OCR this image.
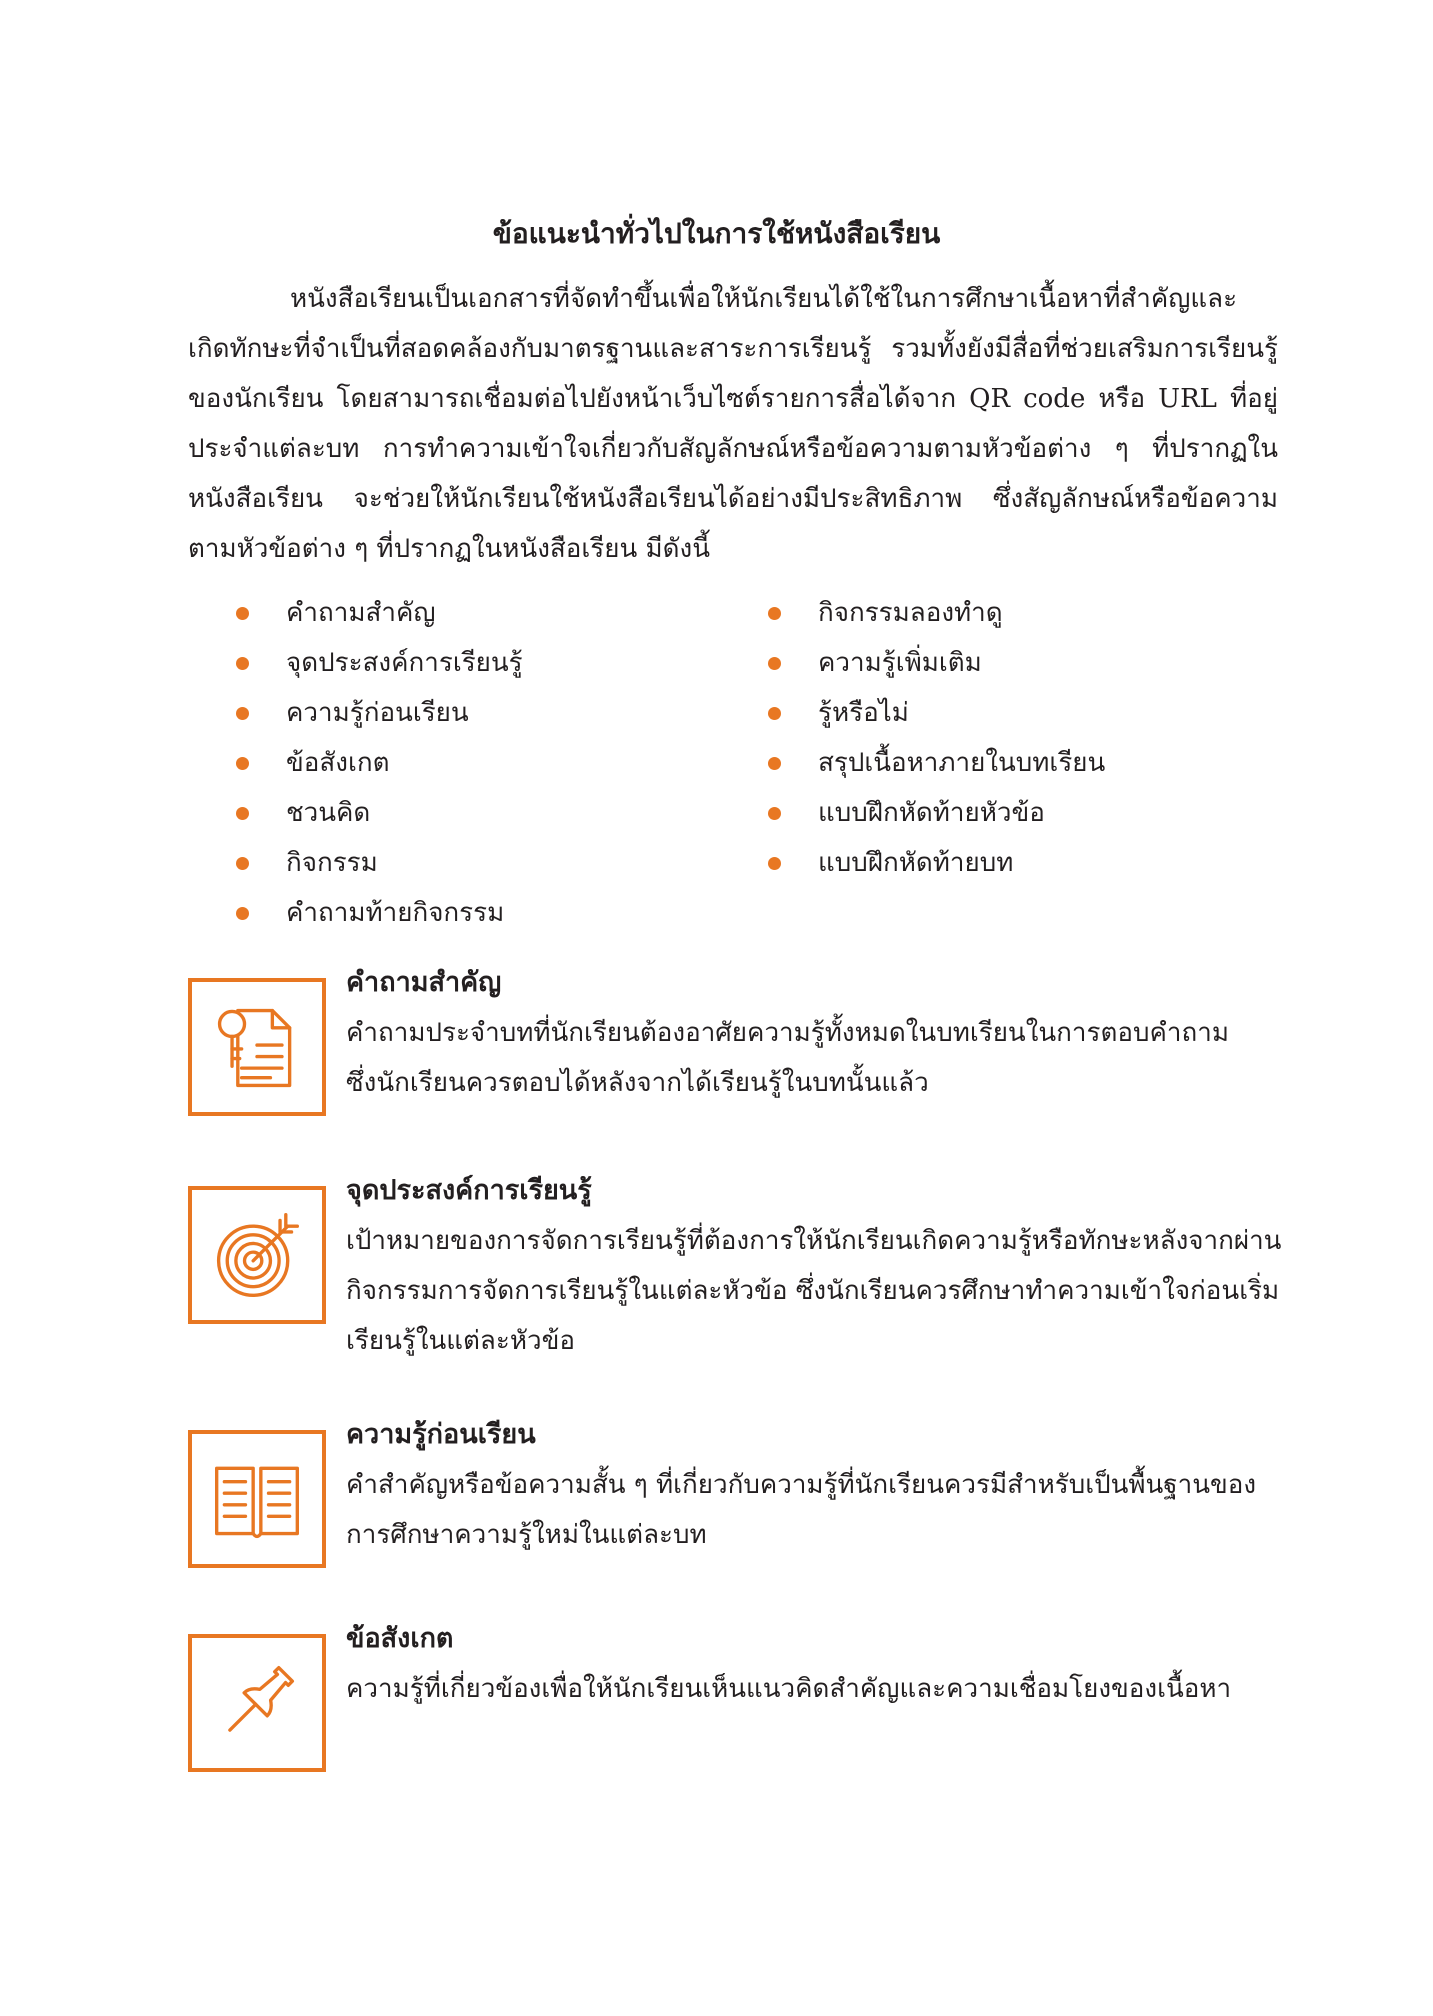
ข้อแนะนำทั่วไปในการใช้หนังสือเรียน

หนังสือเรียนเป็นเอกสารที่จัดทำขึ้นเพื่อให้นักเรียนได้ใช้ในการศึกษาเนื้อหาที่สำคัญและเกิดทักษะที่จำเป็นที่สอดคล้องกับมาตรฐานและสาระการเรียนรู้ รวมทั้งยังมีสื่อที่ช่วยเสริมการเรียนรู้ของนักเรียน โดยสามารถเชื่อมต่อไปยังหน้าเว็บไซต์รายการสื่อได้จาก QR code หรือ URL ที่อยู่ประจำแต่ละบท การทำความเข้าใจเกี่ยวกับสัญลักษณ์หรือข้อความตามหัวข้อต่าง ๆ ที่ปรากฏในหนังสือเรียน จะช่วยให้นักเรียนใช้หนังสือเรียนได้อย่างมีประสิทธิภาพ ซึ่งสัญลักษณ์หรือข้อความตามหัวข้อต่าง ๆ ที่ปรากฏในหนังสือเรียน มีดังนี้

คำถามสำคัญ
จุดประสงค์การเรียนรู้
ความรู้ก่อนเรียน
ข้อสังเกต
ชวนคิด
กิจกรรม
คำถามท้ายกิจกรรม
กิจกรรมลองทำดู
ความรู้เพิ่มเติม
รู้หรือไม่
สรุปเนื้อหาภายในบทเรียน
แบบฝึกหัดท้ายหัวข้อ
แบบฝึกหัดท้ายบท

คำถามสำคัญ

คำถามประจำบทที่นักเรียนต้องอาศัยความรู้ทั้งหมดในบทเรียนในการตอบคำถาม

ซึ่งนักเรียนควรตอบได้หลังจากได้เรียนรู้ในบทนั้นแล้ว

จุดประสงค์การเรียนรู้

เป้าหมายของการจัดการเรียนรู้ที่ต้องการให้นักเรียนเกิดความรู้หรือทักษะหลังจากผ่าน

กิจกรรมการจัดการเรียนรู้ในแต่ละหัวข้อ ซึ่งนักเรียนควรศึกษาทำความเข้าใจก่อนเริ่ม

เรียนรู้ในแต่ละหัวข้อ

ความรู้ก่อนเรียน

คำสำคัญหรือข้อความสั้น ๆ ที่เกี่ยวกับความรู้ที่นักเรียนควรมีสำหรับเป็นพื้นฐานของ

การศึกษาความรู้ใหม่ในแต่ละบท

ข้อสังเกต

ความรู้ที่เกี่ยวข้องเพื่อให้นักเรียนเห็นแนวคิดสำคัญและความเชื่อมโยงของเนื้อหา
